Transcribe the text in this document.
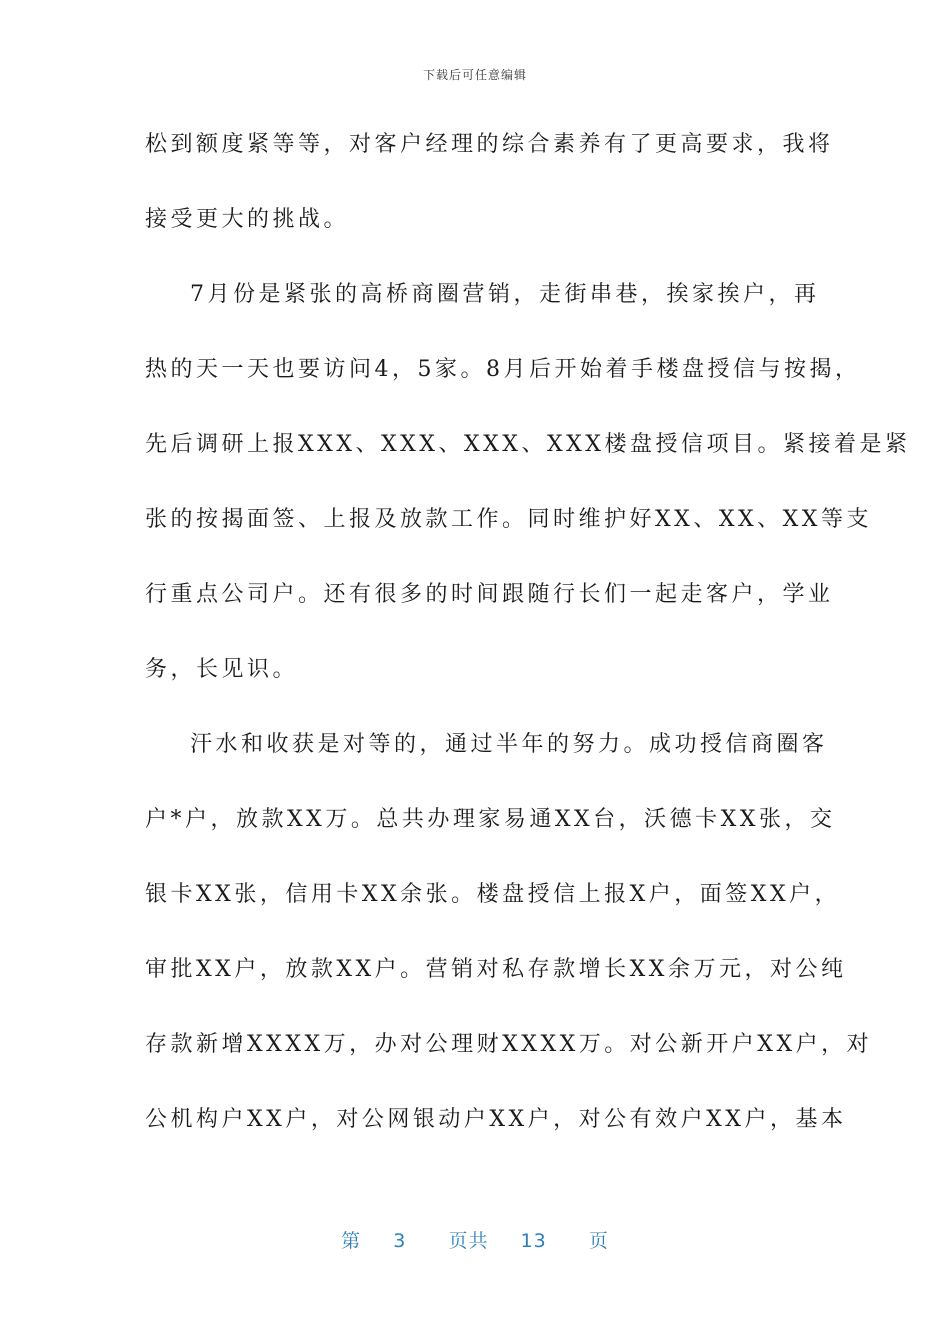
下载后可任意编辑
松到额度紧等等，对客户经理的综合素养有了更高要求，我将
接受更大的挑战。
7月份是紧张的高桥商圈营销，走街串巷，挨家挨户，再
热的天一天也要访问4，5家。8月后开始着手楼盘授信与按揭，
先后调研上报XXX、XXX、XXX、XXX楼盘授信项目。紧接着是紧
张的按揭面签、上报及放款工作。同时维护好XX、XX、XX等支
行重点公司户。还有很多的时间跟随行长们一起走客户，学业
务，长见识。
汗水和收获是对等的，通过半年的努力。成功授信商圈客
户*户，放款XX万。总共办理家易通XX台，沃德卡XX张，交
银卡XX张，信用卡XX余张。楼盘授信上报X户，面签XX户，
审批XX户，放款XX户。营销对私存款增长XX余万元，对公纯
存款新增XXXX万，办对公理财XXXX万。对公新开户XX户，对
公机构户XX户，对公网银动户XX户，对公有效户XX户，基本
第 3 页共 13 页
